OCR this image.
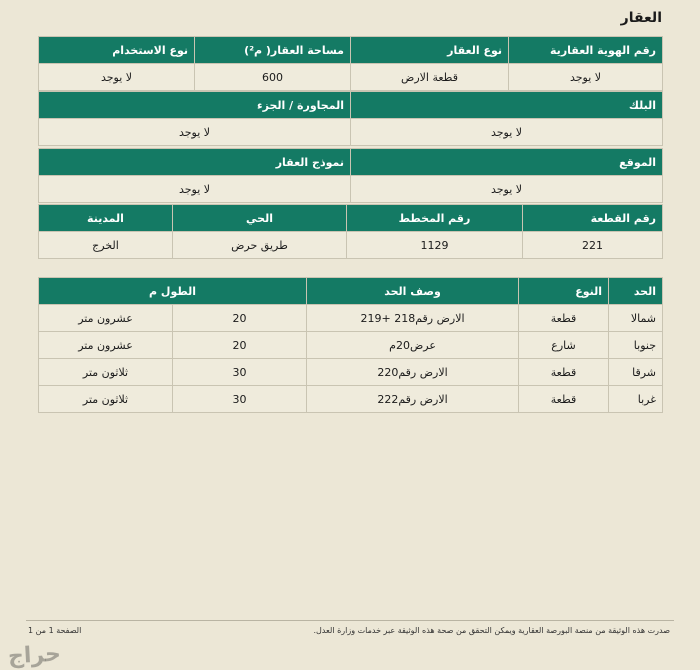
العقار
رقم الهوية العقارية	نوع العقار	مساحة العقار( م²)	نوع الاستخدام
لا يوجد	قطعة الارض	600	لا يوجد
البلك	المجاورة / الجزء
لا يوجد	لا يوجد
الموقع	نموذج العقار
لا يوجد	لا يوجد
رقم القطعة	رقم المخطط	الحي	المدينة
221	1129	طريق حرض	الخرج
الحد	النوع	وصف الحد	الطول م	
شمالا	قطعة	الارض رقم218 +219	20	عشرون متر
جنوبا	شارع	عرض20م	20	عشرون متر
شرقا	قطعة	الارض رقم220	30	ثلاثون متر
غربا	قطعة	الارض رقم222	30	ثلاثون متر
صدرت هذه الوثيقة من منصة البورصة العقارية ويمكن التحقق من صحة هذه الوثيقة عبر خدمات وزارة العدل.
الصفحة 1 من 1
حراج
